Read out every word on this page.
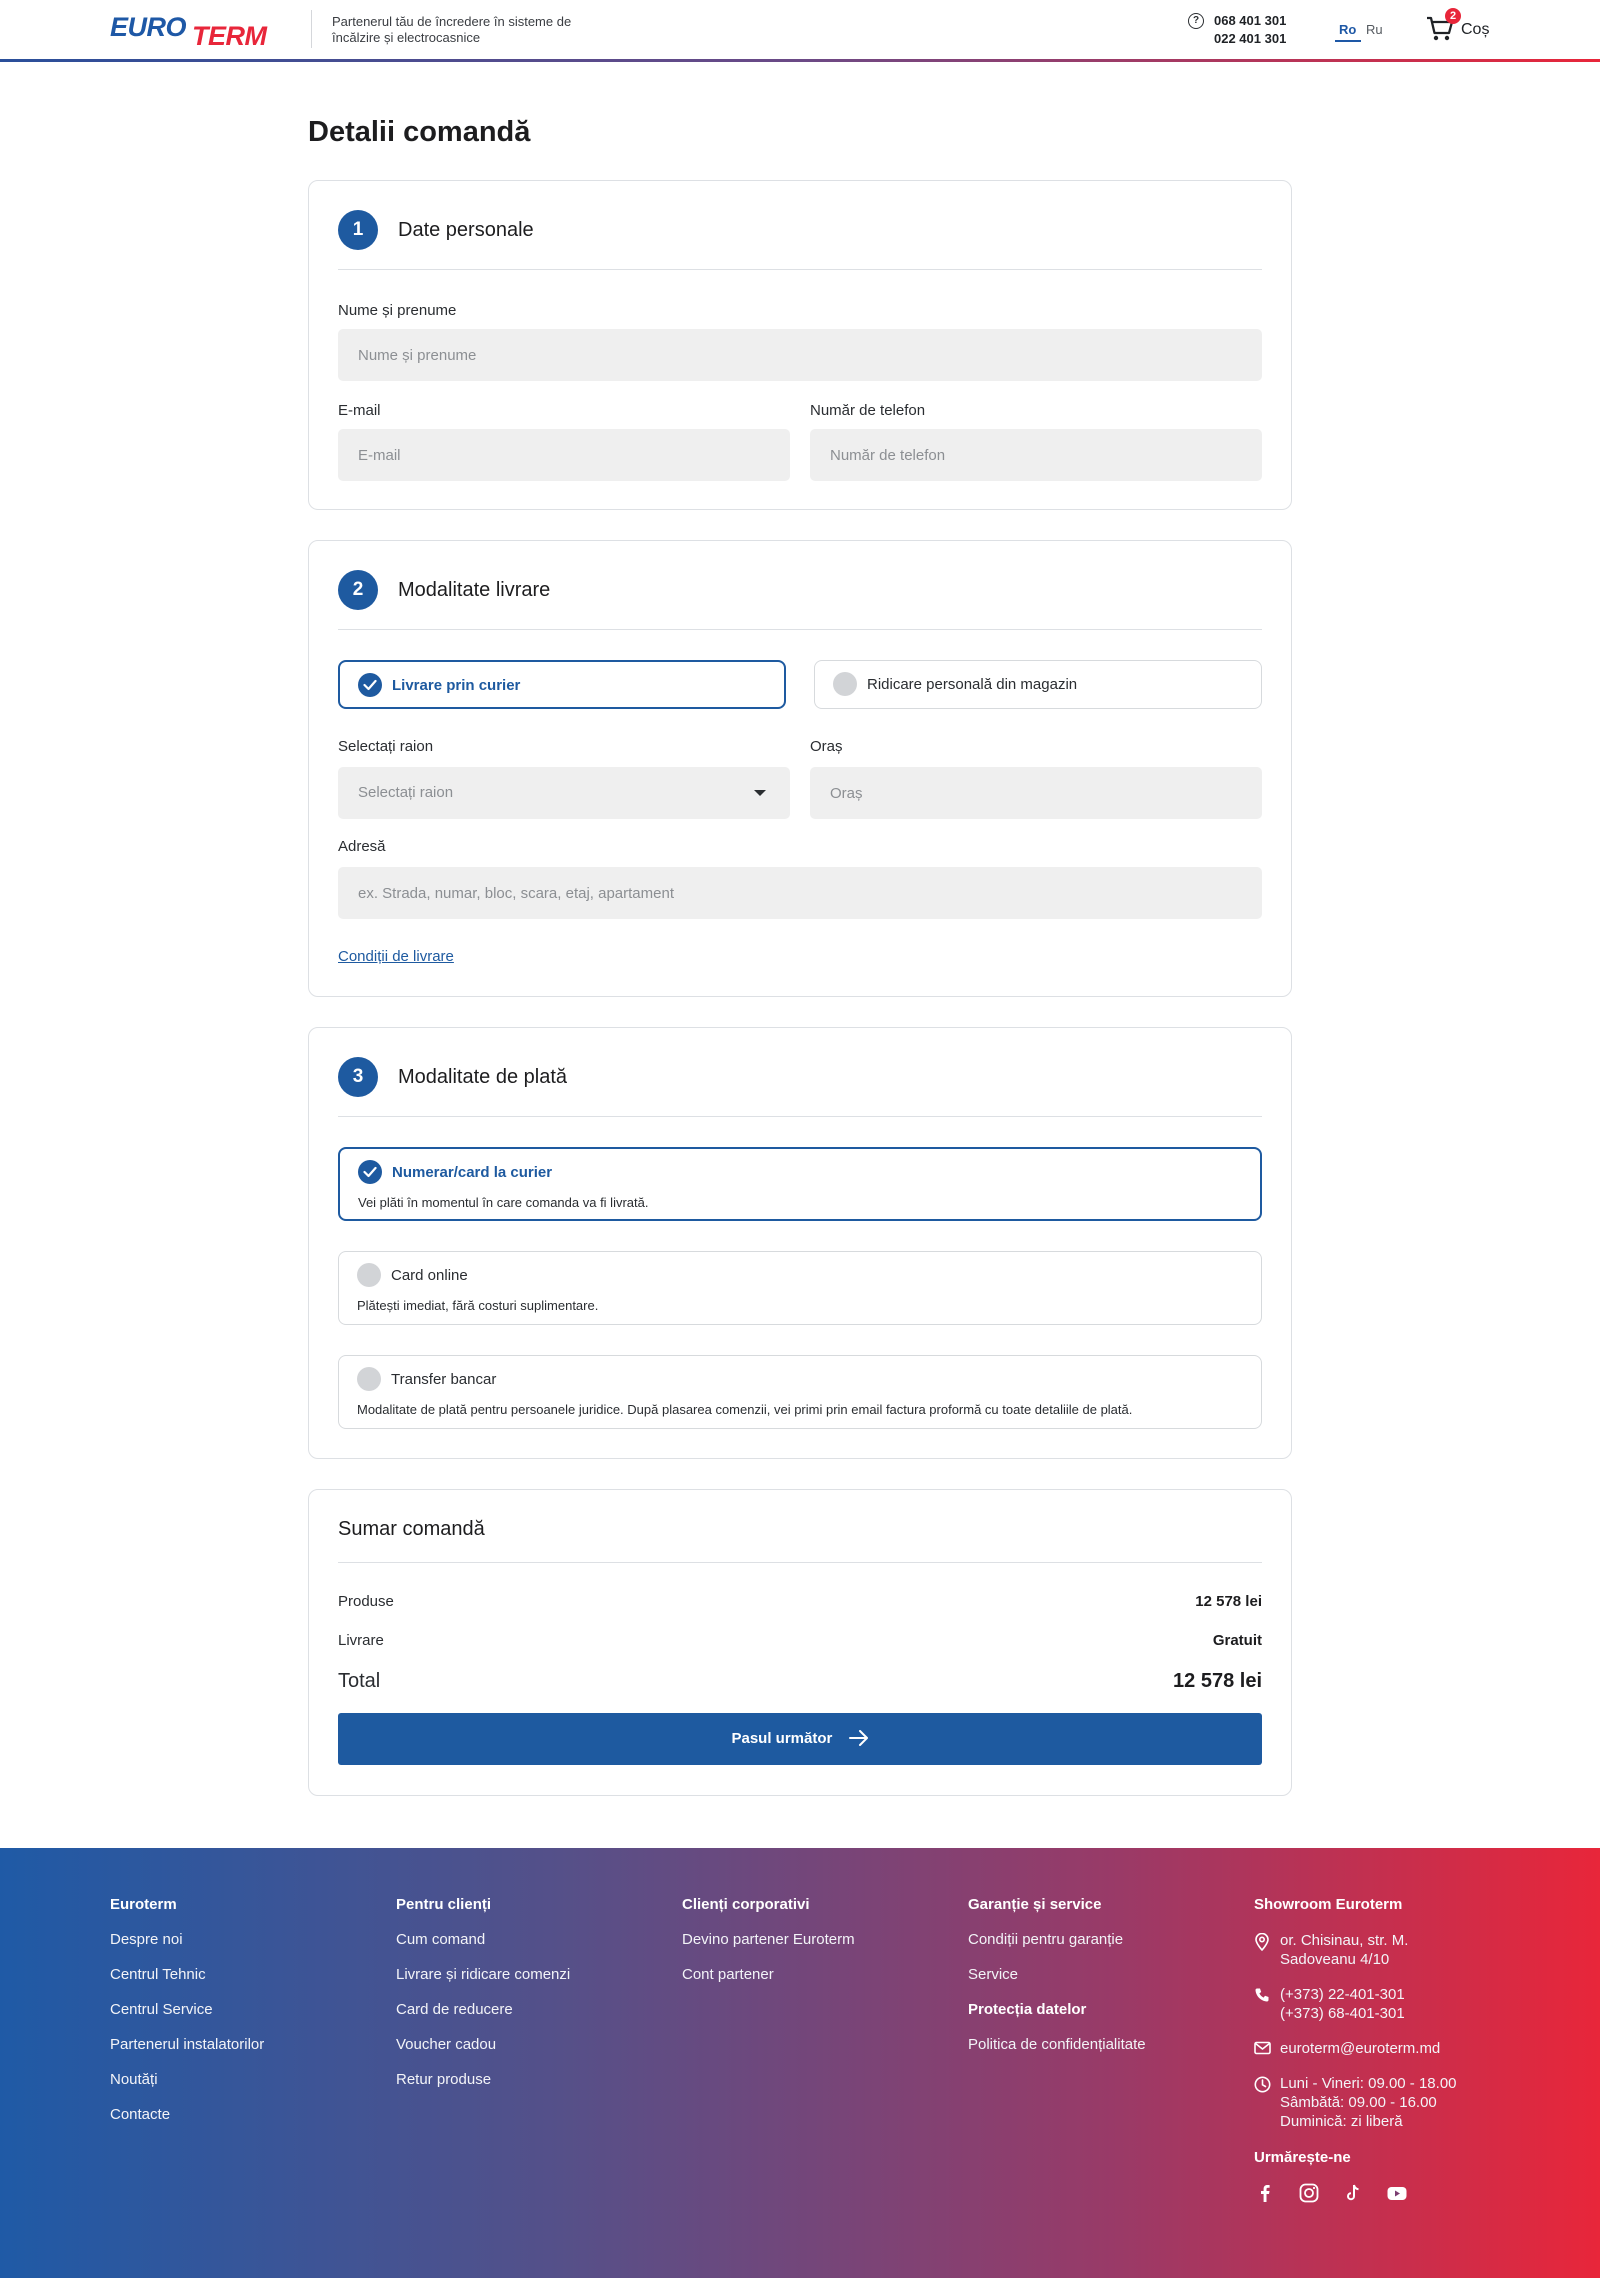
EURO TERM	Partenerul tău de încredere în sisteme de încălzire și electrocasnice
?	068 401 301
022 401 301
Ro Ru
2
Coș
Detalii comandă
1	Date personale
Nume și prenume
Nume și prenume
E-mail
E-mail	Număr de telefon
Număr de telefon
2	Modalitate livrare
Livrare prin curier	Ridicare personală din magazin
Selectați raion
Selectați raion
Oraș
Oraș
Adresă
ex. Strada, numar, bloc, scara, etaj, apartament
Condiții de livrare
3	Modalitate de plată
Numerar/card la curier
Vei plăti în momentul în care comanda va fi livrată.
Card online
Plătești imediat, fără costuri suplimentare.
Transfer bancar
Modalitate de plată pentru persoanele juridice. După plasarea comenzii, vei primi prin email factura proformă cu toate detaliile de plată.
Sumar comandă
Produse	12 578 lei
Livrare	Gratuit
Total	12 578 lei
Pasul următor
Euroterm
Despre noi
Centrul Tehnic
Centrul Service
Partenerul instalatorilor
Noutăți
Contacte
Pentru clienți
Cum comand
Livrare și ridicare comenzi
Card de reducere
Voucher cadou
Retur produse
Clienți corporativi
Devino partener Euroterm
Cont partener
Garanție și service
Condiții pentru garanție
Service
Protecția datelor
Politica de confidențialitate
Showroom Euroterm
or. Chisinau, str. M.
Sadoveanu 4/10
(+373) 22-401-301
(+373) 68-401-301
euroterm@euroterm.md
Luni - Vineri: 09.00 - 18.00
Sâmbătă: 09.00 - 16.00
Duminică: zi liberă
Urmărește-ne
